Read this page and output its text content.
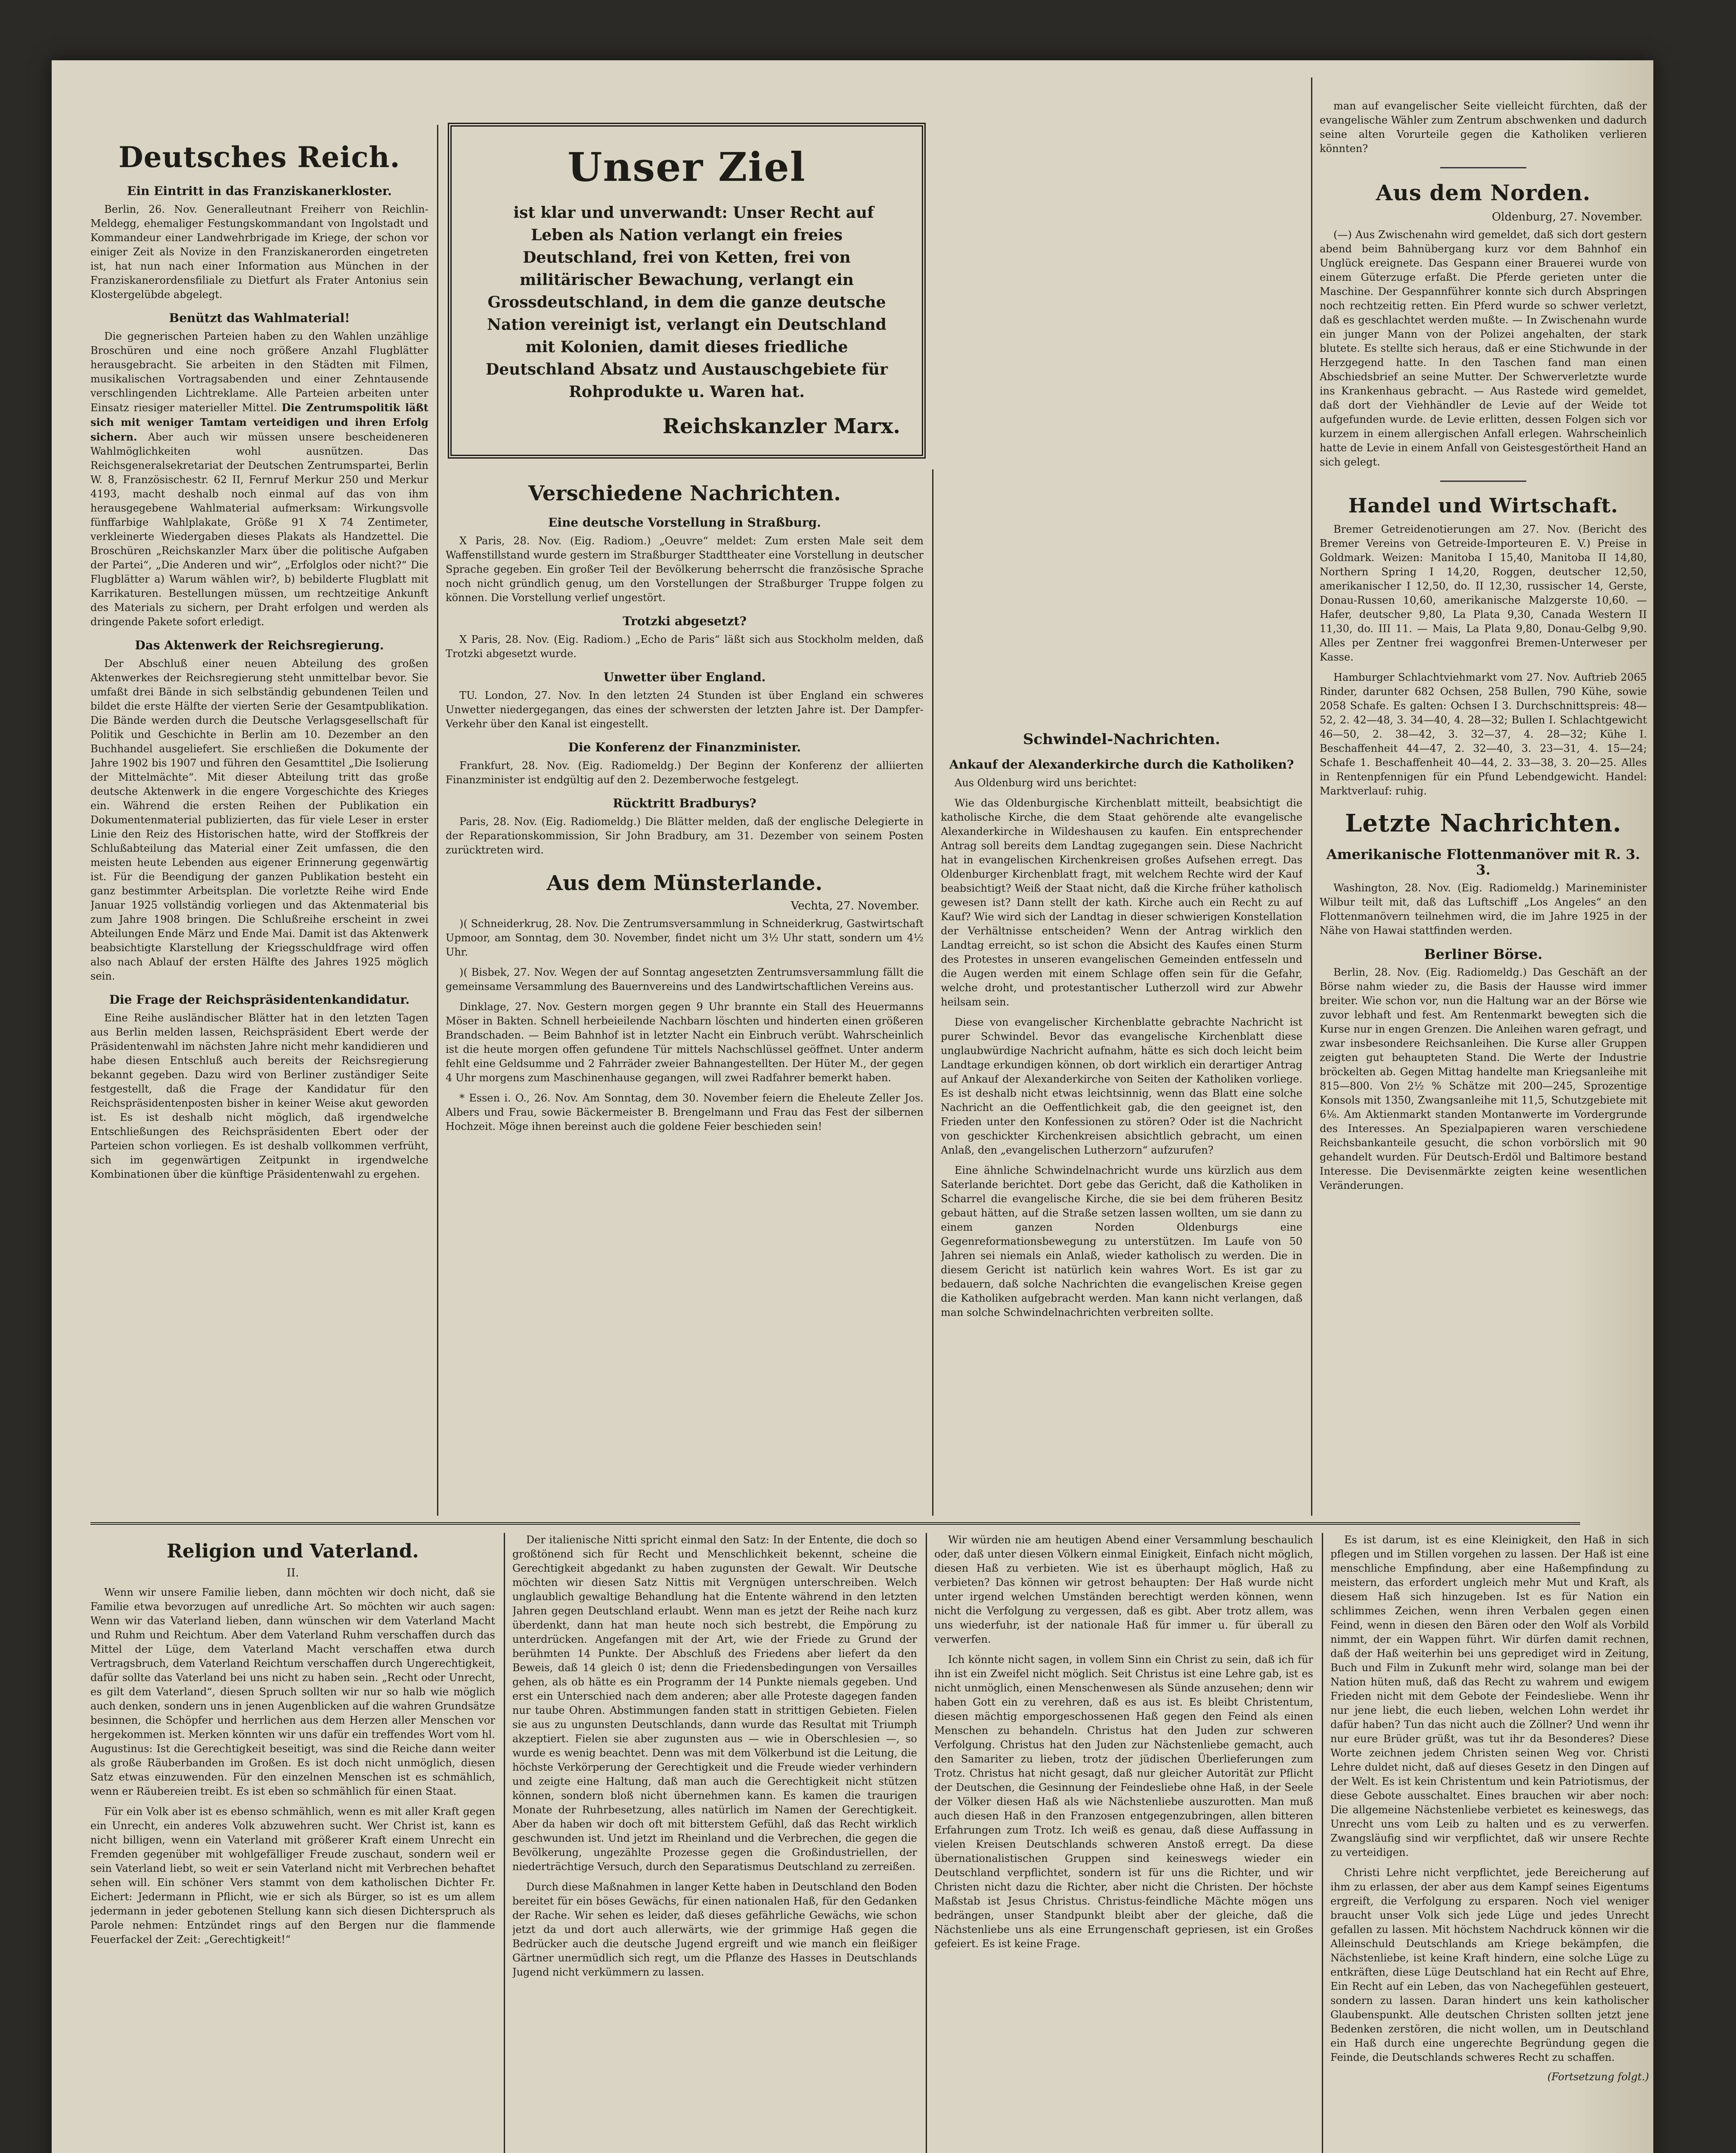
Deutsches Reich.
Ein Eintritt in das Franziskanerkloster.

Berlin, 26. Nov. Generalleutnant Freiherr von Reichlin-Meldegg, ehemaliger Festungskommandant von Ingolstadt und Kommandeur einer Landwehrbrigade im Kriege, der schon vor einiger Zeit als Novize in den Franziskanerorden eingetreten ist, hat nun nach einer Information aus München in der Franziskanerordensfiliale zu Dietfurt als Frater Antonius sein Klostergelübde abgelegt.

Benützt das Wahlmaterial!

Die gegnerischen Parteien haben zu den Wahlen unzählige Broschüren und eine noch größere Anzahl Flugblätter herausgebracht. Sie arbeiten in den Städten mit Filmen, musikalischen Vortragsabenden und einer Zehntausende verschlingenden Lichtreklame. Alle Parteien arbeiten unter Einsatz riesiger materieller Mittel. Die Zentrumspolitik läßt sich mit weniger Tamtam verteidigen und ihren Erfolg sichern. Aber auch wir müssen unsere bescheideneren Wahlmöglichkeiten wohl ausnützen. Das Reichsgeneralsekretariat der Deutschen Zentrumspartei, Berlin W. 8, Französischestr. 62 II, Fernruf Merkur 250 und Merkur 4193, macht deshalb noch einmal auf das von ihm herausgegebene Wahlmaterial aufmerksam: Wirkungsvolle fünffarbige Wahlplakate, Größe 91 X 74 Zentimeter, verkleinerte Wiedergaben dieses Plakats als Handzettel. Die Broschüren „Reichskanzler Marx über die politische Aufgaben der Partei“, „Die Anderen und wir“, „Erfolglos oder nicht?“ Die Flugblätter a) Warum wählen wir?, b) bebilderte Flugblatt mit Karrikaturen. Bestellungen müssen, um rechtzeitige Ankunft des Materials zu sichern, per Draht erfolgen und werden als dringende Pakete sofort erledigt.

Das Aktenwerk der Reichsregierung.

Der Abschluß einer neuen Abteilung des großen Aktenwerkes der Reichsregierung steht unmittelbar bevor. Sie umfaßt drei Bände in sich selbständig gebundenen Teilen und bildet die erste Hälfte der vierten Serie der Gesamtpublikation. Die Bände werden durch die Deutsche Verlagsgesellschaft für Politik und Geschichte in Berlin am 10. Dezember an den Buchhandel ausgeliefert. Sie erschließen die Dokumente der Jahre 1902 bis 1907 und führen den Gesamttitel „Die Isolierung der Mittelmächte“. Mit dieser Abteilung tritt das große deutsche Aktenwerk in die engere Vorgeschichte des Krieges ein. Während die ersten Reihen der Publikation ein Dokumentenmaterial publizierten, das für viele Leser in erster Linie den Reiz des Historischen hatte, wird der Stoffkreis der Schlußabteilung das Material einer Zeit umfassen, die den meisten heute Lebenden aus eigener Erinnerung gegenwärtig ist. Für die Beendigung der ganzen Publikation besteht ein ganz bestimmter Arbeitsplan. Die vorletzte Reihe wird Ende Januar 1925 vollständig vorliegen und das Aktenmaterial bis zum Jahre 1908 bringen. Die Schlußreihe erscheint in zwei Abteilungen Ende März und Ende Mai. Damit ist das Aktenwerk beabsichtigte Klarstellung der Kriegsschuldfrage wird offen also nach Ablauf der ersten Hälfte des Jahres 1925 möglich sein.

Die Frage der Reichspräsidentenkandidatur.

Eine Reihe ausländischer Blätter hat in den letzten Tagen aus Berlin melden lassen, Reichspräsident Ebert werde der Präsidentenwahl im nächsten Jahre nicht mehr kandidieren und habe diesen Entschluß auch bereits der Reichsregierung bekannt gegeben. Dazu wird von Berliner zuständiger Seite festgestellt, daß die Frage der Kandidatur für den Reichspräsidentenposten bisher in keiner Weise akut geworden ist. Es ist deshalb nicht möglich, daß irgendwelche Entschließungen des Reichspräsidenten Ebert oder der Parteien schon vorliegen. Es ist deshalb vollkommen verfrüht, sich im gegenwärtigen Zeitpunkt in irgendwelche Kombinationen über die künftige Präsidentenwahl zu ergehen.

Unser Ziel

ist klar und unverwandt: Unser Recht auf Leben als Nation verlangt ein freies Deutschland, frei von Ketten, frei von militärischer Bewachung, verlangt ein Grossdeutschland, in dem die ganze deutsche Nation vereinigt ist, verlangt ein Deutschland mit Kolonien, damit dieses friedliche Deutschland Absatz und Austauschgebiete für Rohprodukte u. Waren hat.

Reichskanzler Marx.
Verschiedene Nachrichten.
Eine deutsche Vorstellung in Straßburg.

X Paris, 28. Nov. (Eig. Radiom.) „Oeuvre“ meldet: Zum ersten Male seit dem Waffenstillstand wurde gestern im Straßburger Stadttheater eine Vorstellung in deutscher Sprache gegeben. Ein großer Teil der Bevölkerung beherrscht die französische Sprache noch nicht gründlich genug, um den Vorstellungen der Straßburger Truppe folgen zu können. Die Vorstellung verlief ungestört.

Trotzki abgesetzt?

X Paris, 28. Nov. (Eig. Radiom.) „Echo de Paris“ läßt sich aus Stockholm melden, daß Trotzki abgesetzt wurde.

Unwetter über England.

TU. London, 27. Nov. In den letzten 24 Stunden ist über England ein schweres Unwetter niedergegangen, das eines der schwersten der letzten Jahre ist. Der Dampfer-Verkehr über den Kanal ist eingestellt.

Die Konferenz der Finanzminister.

Frankfurt, 28. Nov. (Eig. Radiomeldg.) Der Beginn der Konferenz der alliierten Finanzminister ist endgültig auf den 2. Dezemberwoche festgelegt.

Rücktritt Bradburys?

Paris, 28. Nov. (Eig. Radiomeldg.) Die Blätter melden, daß der englische Delegierte in der Reparationskommission, Sir John Bradbury, am 31. Dezember von seinem Posten zurücktreten wird.

Aus dem Münsterlande.
Vechta, 27. November.

)( Schneiderkrug, 28. Nov. Die Zentrumsversammlung in Schneiderkrug, Gastwirtschaft Upmoor, am Sonntag, dem 30. November, findet nicht um 3½ Uhr statt, sondern um 4½ Uhr.

)( Bisbek, 27. Nov. Wegen der auf Sonntag angesetzten Zentrumsversammlung fällt die gemeinsame Versammlung des Bauernvereins und des Landwirtschaftlichen Vereins aus.

Dinklage, 27. Nov. Gestern morgen gegen 9 Uhr brannte ein Stall des Heuermanns Möser in Bakten. Schnell herbeieilende Nachbarn löschten und hinderten einen größeren Brandschaden. — Beim Bahnhof ist in letzter Nacht ein Einbruch verübt. Wahrscheinlich ist die heute morgen offen gefundene Tür mittels Nachschlüssel geöffnet. Unter anderm fehlt eine Geldsumme und 2 Fahrräder zweier Bahnangestellten. Der Hüter M., der gegen 4 Uhr morgens zum Maschinenhause gegangen, will zwei Radfahrer bemerkt haben.

* Essen i. O., 26. Nov. Am Sonntag, dem 30. November feiern die Eheleute Zeller Jos. Albers und Frau, sowie Bäckermeister B. Brengelmann und Frau das Fest der silbernen Hochzeit. Möge ihnen bereinst auch die goldene Feier beschieden sein!

Schwindel-Nachrichten.
Ankauf der Alexanderkirche durch die Katholiken?

Aus Oldenburg wird uns berichtet:

Wie das Oldenburgische Kirchenblatt mitteilt, beabsichtigt die katholische Kirche, die dem Staat gehörende alte evangelische Alexanderkirche in Wildeshausen zu kaufen. Ein entsprechender Antrag soll bereits dem Landtag zugegangen sein. Diese Nachricht hat in evangelischen Kirchenkreisen großes Aufsehen erregt. Das Oldenburger Kirchenblatt fragt, mit welchem Rechte wird der Kauf beabsichtigt? Weiß der Staat nicht, daß die Kirche früher katholisch gewesen ist? Dann stellt der kath. Kirche auch ein Recht zu auf Kauf? Wie wird sich der Landtag in dieser schwierigen Konstellation der Verhältnisse entscheiden? Wenn der Antrag wirklich den Landtag erreicht, so ist schon die Absicht des Kaufes einen Sturm des Protestes in unseren evangelischen Gemeinden entfesseln und die Augen werden mit einem Schlage offen sein für die Gefahr, welche droht, und protestantischer Lutherzoll wird zur Abwehr heilsam sein.

Diese von evangelischer Kirchenblatte gebrachte Nachricht ist purer Schwindel. Bevor das evangelische Kirchenblatt diese unglaubwürdige Nachricht aufnahm, hätte es sich doch leicht beim Landtage erkundigen können, ob dort wirklich ein derartiger Antrag auf Ankauf der Alexanderkirche von Seiten der Katholiken vorliege. Es ist deshalb nicht etwas leichtsinnig, wenn das Blatt eine solche Nachricht an die Oeffentlichkeit gab, die den geeignet ist, den Frieden unter den Konfessionen zu stören? Oder ist die Nachricht von geschickter Kirchenkreisen absichtlich gebracht, um einen Anlaß, den „evangelischen Lutherzorn“ aufzurufen?

Eine ähnliche Schwindelnachricht wurde uns kürzlich aus dem Saterlande berichtet. Dort gebe das Gericht, daß die Katholiken in Scharrel die evangelische Kirche, die sie bei dem früheren Besitz gebaut hätten, auf die Straße setzen lassen wollten, um sie dann zu einem ganzen Norden Oldenburgs eine Gegenreformationsbewegung zu unterstützen. Im Laufe von 50 Jahren sei niemals ein Anlaß, wieder katholisch zu werden. Die in diesem Gericht ist natürlich kein wahres Wort. Es ist gar zu bedauern, daß solche Nachrichten die evangelischen Kreise gegen die Katholiken aufgebracht werden. Man kann nicht verlangen, daß man solche Schwindelnachrichten verbreiten sollte.

man auf evangelischer Seite vielleicht fürchten, daß der evangelische Wähler zum Zentrum abschwenken und dadurch seine alten Vorurteile gegen die Katholiken verlieren könnten?

Aus dem Norden.
Oldenburg, 27. November.

(—) Aus Zwischenahn wird gemeldet, daß sich dort gestern abend beim Bahnübergang kurz vor dem Bahnhof ein Unglück ereignete. Das Gespann einer Brauerei wurde von einem Güterzuge erfaßt. Die Pferde gerieten unter die Maschine. Der Gespannführer konnte sich durch Abspringen noch rechtzeitig retten. Ein Pferd wurde so schwer verletzt, daß es geschlachtet werden mußte. — In Zwischenahn wurde ein junger Mann von der Polizei angehalten, der stark blutete. Es stellte sich heraus, daß er eine Stichwunde in der Herzgegend hatte. In den Taschen fand man einen Abschiedsbrief an seine Mutter. Der Schwerverletzte wurde ins Krankenhaus gebracht. — Aus Rastede wird gemeldet, daß dort der Viehhändler de Levie auf der Weide tot aufgefunden wurde. de Levie erlitten, dessen Folgen sich vor kurzem in einem allergischen Anfall erlegen. Wahrscheinlich hatte de Levie in einem Anfall von Geistesgestörtheit Hand an sich gelegt.

Handel und Wirtschaft.

Bremer Getreidenotierungen am 27. Nov. (Bericht des Bremer Vereins von Getreide-Importeuren E. V.) Preise in Goldmark. Weizen: Manitoba I 15,40, Manitoba II 14,80, Northern Spring I 14,20, Roggen, deutscher 12,50, amerikanischer I 12,50, do. II 12,30, russischer 14, Gerste, Donau-Russen 10,60, amerikanische Malzgerste 10,60. — Hafer, deutscher 9,80, La Plata 9,30, Canada Western II 11,30, do. III 11. — Mais, La Plata 9,80, Donau-Gelbg 9,90. Alles per Zentner frei waggonfrei Bremen-Unterweser per Kasse.

Hamburger Schlachtviehmarkt vom 27. Nov. Auftrieb 2065 Rinder, darunter 682 Ochsen, 258 Bullen, 790 Kühe, sowie 2058 Schafe. Es galten: Ochsen I 3. Durchschnittspreis: 48—52, 2. 42—48, 3. 34—40, 4. 28—32; Bullen I. Schlachtgewicht 46—50, 2. 38—42, 3. 32—37, 4. 28—32; Kühe I. Beschaffenheit 44—47, 2. 32—40, 3. 23—31, 4. 15—24; Schafe 1. Beschaffenheit 40—44, 2. 33—38, 3. 20—25. Alles in Rentenpfennigen für ein Pfund Lebendgewicht. Handel: Marktverlauf: ruhig.

Letzte Nachrichten.
Amerikanische Flottenmanöver mit R. 3. 3.

Washington, 28. Nov. (Eig. Radiomeldg.) Marineminister Wilbur teilt mit, daß das Luftschiff „Los Angeles“ an den Flottenmanövern teilnehmen wird, die im Jahre 1925 in der Nähe von Hawai stattfinden werden.

Berliner Börse.

Berlin, 28. Nov. (Eig. Radiomeldg.) Das Geschäft an der Börse nahm wieder zu, die Basis der Hausse wird immer breiter. Wie schon vor, nun die Haltung war an der Börse wie zuvor lebhaft und fest. Am Rentenmarkt bewegten sich die Kurse nur in engen Grenzen. Die Anleihen waren gefragt, und zwar insbesondere Reichsanleihen. Die Kurse aller Gruppen zeigten gut behaupteten Stand. Die Werte der Industrie bröckelten ab. Gegen Mittag handelte man Kriegsanleihe mit 815—800. Von 2½ % Schätze mit 200—245, Sprozentige Konsols mit 1350, Zwangsanleihe mit 11,5, Schutzgebiete mit 6⅛. Am Aktienmarkt standen Montanwerte im Vordergrunde des Interesses. An Spezialpapieren waren verschiedene Reichsbankanteile gesucht, die schon vorbörslich mit 90 gehandelt wurden. Für Deutsch-Erdöl und Baltimore bestand Interesse. Die Devisenmärkte zeigten keine wesentlichen Veränderungen.

Religion und Vaterland.
II.

Wenn wir unsere Familie lieben, dann möchten wir doch nicht, daß sie Familie etwa bevorzugen auf unredliche Art. So möchten wir auch sagen: Wenn wir das Vaterland lieben, dann wünschen wir dem Vaterland Macht und Ruhm und Reichtum. Aber dem Vaterland Ruhm verschaffen durch das Mittel der Lüge, dem Vaterland Macht verschaffen etwa durch Vertragsbruch, dem Vaterland Reichtum verschaffen durch Ungerechtigkeit, dafür sollte das Vaterland bei uns nicht zu haben sein. „Recht oder Unrecht, es gilt dem Vaterland“, diesen Spruch sollten wir nur so halb wie möglich auch denken, sondern uns in jenen Augenblicken auf die wahren Grundsätze besinnen, die Schöpfer und herrlichen aus dem Herzen aller Menschen vor hergekommen ist. Merken könnten wir uns dafür ein treffendes Wort vom hl. Augustinus: Ist die Gerechtigkeit beseitigt, was sind die Reiche dann weiter als große Räuberbanden im Großen. Es ist doch nicht unmöglich, diesen Satz etwas einzuwenden. Für den einzelnen Menschen ist es schmählich, wenn er Räubereien treibt. Es ist eben so schmählich für einen Staat.

Für ein Volk aber ist es ebenso schmählich, wenn es mit aller Kraft gegen ein Unrecht, ein anderes Volk abzuwehren sucht. Wer Christ ist, kann es nicht billigen, wenn ein Vaterland mit größerer Kraft einem Unrecht ein Fremden gegenüber mit wohlgefälliger Freude zuschaut, sondern weil er sein Vaterland liebt, so weit er sein Vaterland nicht mit Verbrechen behaftet sehen will. Ein schöner Vers stammt von dem katholischen Dichter Fr. Eichert: Jedermann in Pflicht, wie er sich als Bürger, so ist es um allem jedermann in jeder gebotenen Stellung kann sich diesen Dichterspruch als Parole nehmen: Entzündet rings auf den Bergen nur die flammende Feuerfackel der Zeit: „Gerechtigkeit!“

Der italienische Nitti spricht einmal den Satz: In der Entente, die doch so großtönend sich für Recht und Menschlichkeit bekennt, scheine die Gerechtigkeit abgedankt zu haben zugunsten der Gewalt. Wir Deutsche möchten wir diesen Satz Nittis mit Vergnügen unterschreiben. Welch unglaublich gewaltige Behandlung hat die Entente während in den letzten Jahren gegen Deutschland erlaubt. Wenn man es jetzt der Reihe nach kurz überdenkt, dann hat man heute noch sich bestrebt, die Empörung zu unterdrücken. Angefangen mit der Art, wie der Friede zu Grund der berühmten 14 Punkte. Der Abschluß des Friedens aber liefert da den Beweis, daß 14 gleich 0 ist; denn die Friedensbedingungen von Versailles gehen, als ob hätte es ein Programm der 14 Punkte niemals gegeben. Und erst ein Unterschied nach dem anderen; aber alle Proteste dagegen fanden nur taube Ohren. Abstimmungen fanden statt in strittigen Gebieten. Fielen sie aus zu ungunsten Deutschlands, dann wurde das Resultat mit Triumph akzeptiert. Fielen sie aber zugunsten aus — wie in Oberschlesien —, so wurde es wenig beachtet. Denn was mit dem Völkerbund ist die Leitung, die höchste Verkörperung der Gerechtigkeit und die Freude wieder verhindern und zeigte eine Haltung, daß man auch die Gerechtigkeit nicht stützen können, sondern bloß nicht übernehmen kann. Es kamen die traurigen Monate der Ruhrbesetzung, alles natürlich im Namen der Gerechtigkeit. Aber da haben wir doch oft mit bitterstem Gefühl, daß das Recht wirklich geschwunden ist. Und jetzt im Rheinland und die Verbrechen, die gegen die Bevölkerung, ungezählte Prozesse gegen die Großindustriellen, der niederträchtige Versuch, durch den Separatismus Deutschland zu zerreißen.

Durch diese Maßnahmen in langer Kette haben in Deutschland den Boden bereitet für ein böses Gewächs, für einen nationalen Haß, für den Gedanken der Rache. Wir sehen es leider, daß dieses gefährliche Gewächs, wie schon jetzt da und dort auch allerwärts, wie der grimmige Haß gegen die Bedrücker auch die deutsche Jugend ergreift und wie manch ein fleißiger Gärtner unermüdlich sich regt, um die Pflanze des Hasses in Deutschlands Jugend nicht verkümmern zu lassen.

Wir würden nie am heutigen Abend einer Versammlung beschaulich oder, daß unter diesen Völkern einmal Einigkeit, Einfach nicht möglich, diesen Haß zu verbieten. Wie ist es überhaupt möglich, Haß zu verbieten? Das können wir getrost behaupten: Der Haß wurde nicht unter irgend welchen Umständen berechtigt werden können, wenn nicht die Verfolgung zu vergessen, daß es gibt. Aber trotz allem, was uns wiederfuhr, ist der nationale Haß für immer u. für überall zu verwerfen.

Ich könnte nicht sagen, in vollem Sinn ein Christ zu sein, daß ich für ihn ist ein Zweifel nicht möglich. Seit Christus ist eine Lehre gab, ist es nicht unmöglich, einen Menschenwesen als Sünde anzusehen; denn wir haben Gott ein zu verehren, daß es aus ist. Es bleibt Christentum, diesen mächtig emporgeschossenen Haß gegen den Feind als einen Menschen zu behandeln. Christus hat den Juden zur schweren Verfolgung. Christus hat den Juden zur Nächstenliebe gemacht, auch den Samariter zu lieben, trotz der jüdischen Überlieferungen zum Trotz. Christus hat nicht gesagt, daß nur gleicher Autorität zur Pflicht der Deutschen, die Gesinnung der Feindesliebe ohne Haß, in der Seele der Völker diesen Haß als wie Nächstenliebe auszurotten. Man muß auch diesen Haß in den Franzosen entgegenzubringen, allen bitteren Erfahrungen zum Trotz. Ich weiß es genau, daß diese Auffassung in vielen Kreisen Deutschlands schweren Anstoß erregt. Da diese übernationalistischen Gruppen sind keineswegs wieder ein Deutschland verpflichtet, sondern ist für uns die Richter, und wir Christen nicht dazu die Richter, aber nicht die Christen. Der höchste Maßstab ist Jesus Christus. Christus-feindliche Mächte mögen uns bedrängen, unser Standpunkt bleibt aber der gleiche, daß die Nächstenliebe uns als eine Errungenschaft gepriesen, ist ein Großes gefeiert. Es ist keine Frage.

Es ist darum, ist es eine Kleinigkeit, den Haß in sich pflegen und im Stillen vorgehen zu lassen. Der Haß ist eine menschliche Empfindung, aber eine Haßempfindung zu meistern, das erfordert ungleich mehr Mut und Kraft, als diesem Haß sich hinzugeben. Ist es für Nation ein schlimmes Zeichen, wenn ihren Verbalen gegen einen Feind, wenn in diesen den Bären oder den Wolf als Vorbild nimmt, der ein Wappen führt. Wir dürfen damit rechnen, daß der Haß weiterhin bei uns geprediget wird in Zeitung, Buch und Film in Zukunft mehr wird, solange man bei der Nation hüten muß, daß das Recht zu wahrem und ewigem Frieden nicht mit dem Gebote der Feindesliebe. Wenn ihr nur jene liebt, die euch lieben, welchen Lohn werdet ihr dafür haben? Tun das nicht auch die Zöllner? Und wenn ihr nur eure Brüder grüßt, was tut ihr da Besonderes? Diese Worte zeichnen jedem Christen seinen Weg vor. Christi Lehre duldet nicht, daß auf dieses Gesetz in den Dingen auf der Welt. Es ist kein Christentum und kein Patriotismus, der diese Gebote ausschaltet. Eines brauchen wir aber noch: Die allgemeine Nächstenliebe verbietet es keineswegs, das Unrecht uns vom Leib zu halten und es zu verwerfen. Zwangsläufig sind wir verpflichtet, daß wir unsere Rechte zu verteidigen.

Christi Lehre nicht verpflichtet, jede Bereicherung auf ihm zu erlassen, der aber aus dem Kampf seines Eigentums ergreift, die Verfolgung zu ersparen. Noch viel weniger braucht unser Volk sich jede Lüge und jedes Unrecht gefallen zu lassen. Mit höchstem Nachdruck können wir die Alleinschuld Deutschlands am Kriege bekämpfen, die Nächstenliebe, ist keine Kraft hindern, eine solche Lüge zu entkräften, diese Lüge Deutschland hat ein Recht auf Ehre, Ein Recht auf ein Leben, das von Nachegefühlen gesteuert, sondern zu lassen. Daran hindert uns kein katholischer Glaubenspunkt. Alle deutschen Christen sollten jetzt jene Bedenken zerstören, die nicht wollen, um in Deutschland ein Haß durch eine ungerechte Begründung gegen die Feinde, die Deutschlands schweres Recht zu schaffen.

(Fortsetzung folgt.)
